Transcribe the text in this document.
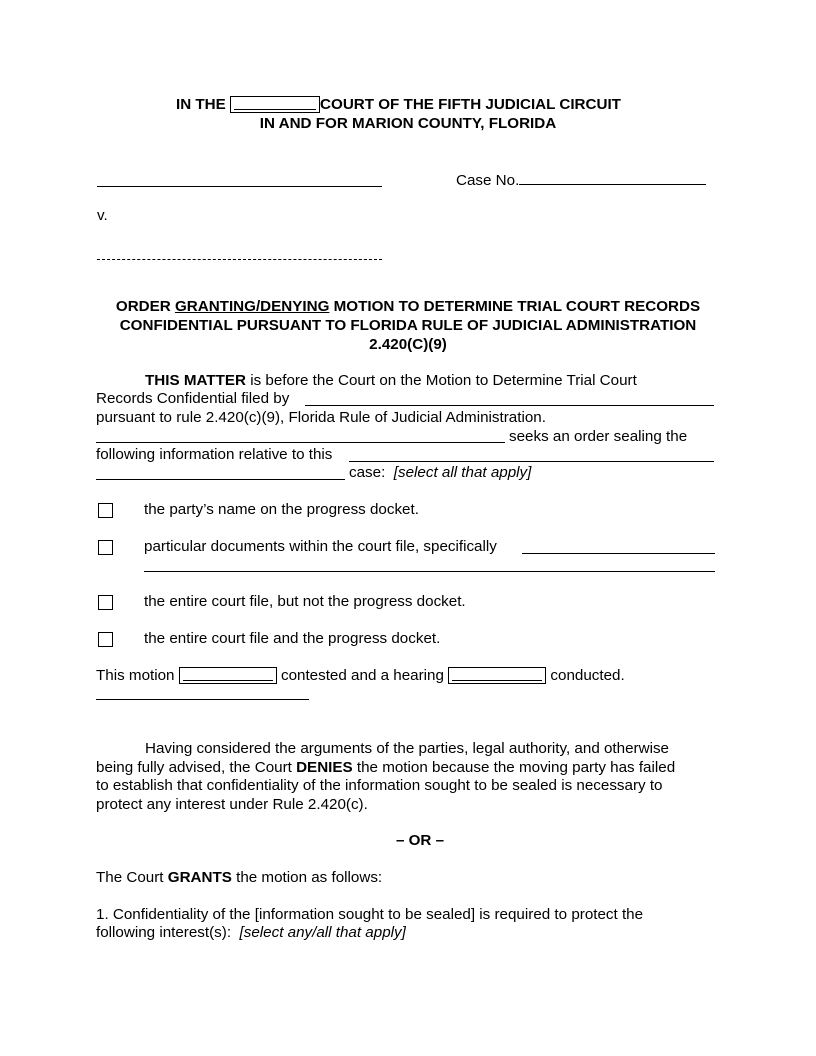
IN THE	COURT OF THE FIFTH JUDICIAL CIRCUIT
IN AND FOR MARION COUNTY, FLORIDA
Case No.
v.
ORDER GRANTING/DENYING MOTION TO DETERMINE TRIAL COURT RECORDS
CONFIDENTIAL PURSUANT TO FLORIDA RULE OF JUDICIAL ADMINISTRATION
2.420(C)(9)
THIS MATTER is before the Court on the Motion to Determine Trial Court
Records Confidential filed by
pursuant to rule 2.420(c)(9), Florida Rule of Judicial Administration.
seeks an order sealing the
following information relative to this
case: [select all that apply]
the party’s name on the progress docket.
particular documents within the court file, specifically
the entire court file, but not the progress docket.
the entire court file and the progress docket.
This motion	contested and a hearing	conducted.
Having considered the arguments of the parties, legal authority, and otherwise
being fully advised, the Court DENIES the motion because the moving party has failed
to establish that confidentiality of the information sought to be sealed is necessary to
protect any interest under Rule 2.420(c).
– OR –
The Court GRANTS the motion as follows:
1. Confidentiality of the [information sought to be sealed] is required to protect the
following interest(s): [select any/all that apply]
